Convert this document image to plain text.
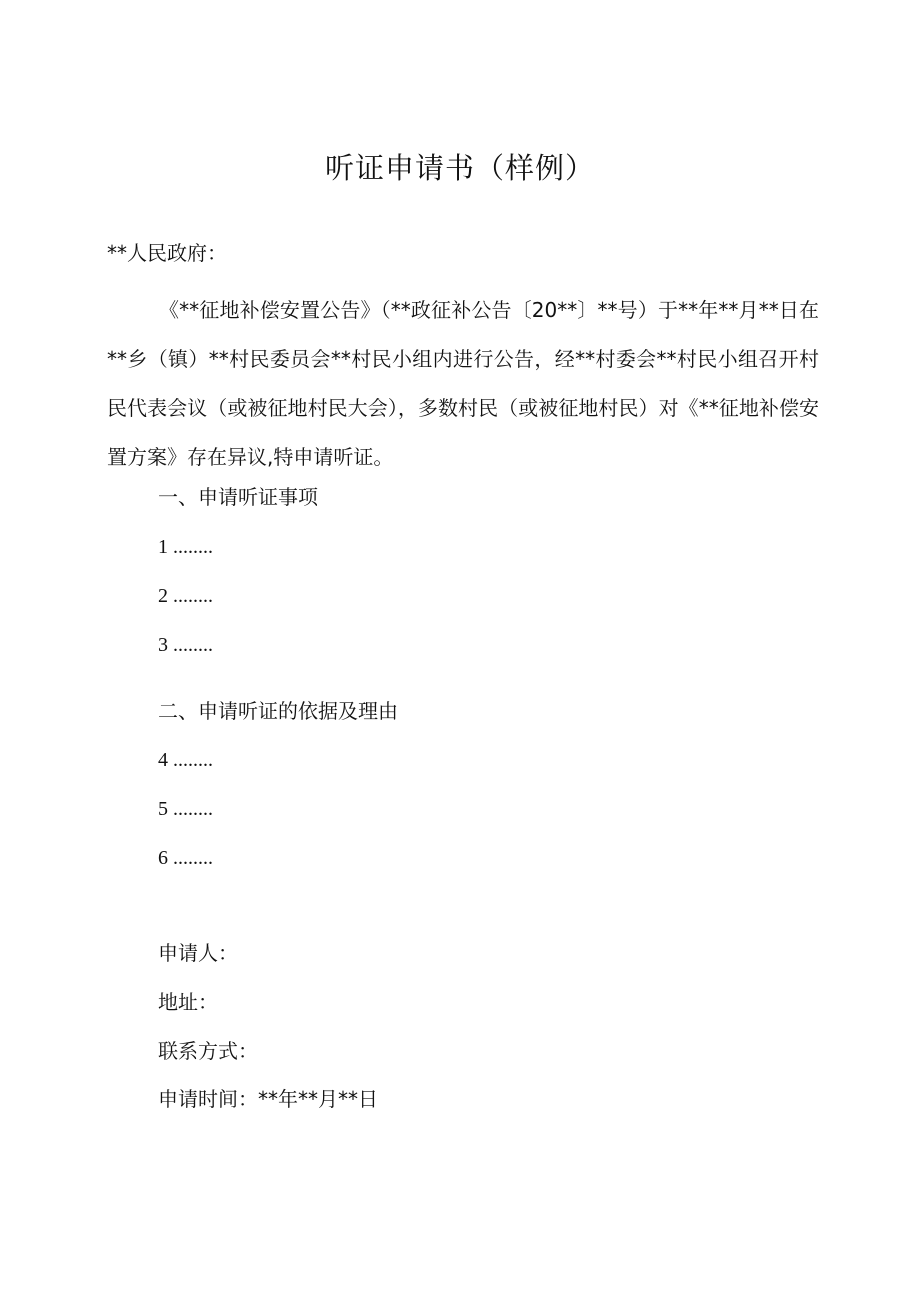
听证申请书（样例）
**人民政府：
《**征地补偿安置公告》（**政征补公告〔20**〕**号）于**年**月**日在**乡（镇）**村民委员会**村民小组内进行公告，经**村委会**村民小组召开村民代表会议（或被征地村民大会），多数村民（或被征地村民）对《**征地补偿安置方案》存在异议,特申请听证。
一、申请听证事项
1 ........
2 ........
3 ........
二、申请听证的依据及理由
4 ........
5 ........
6 ........
申请人：
地址：
联系方式：
申请时间：**年**月**日
